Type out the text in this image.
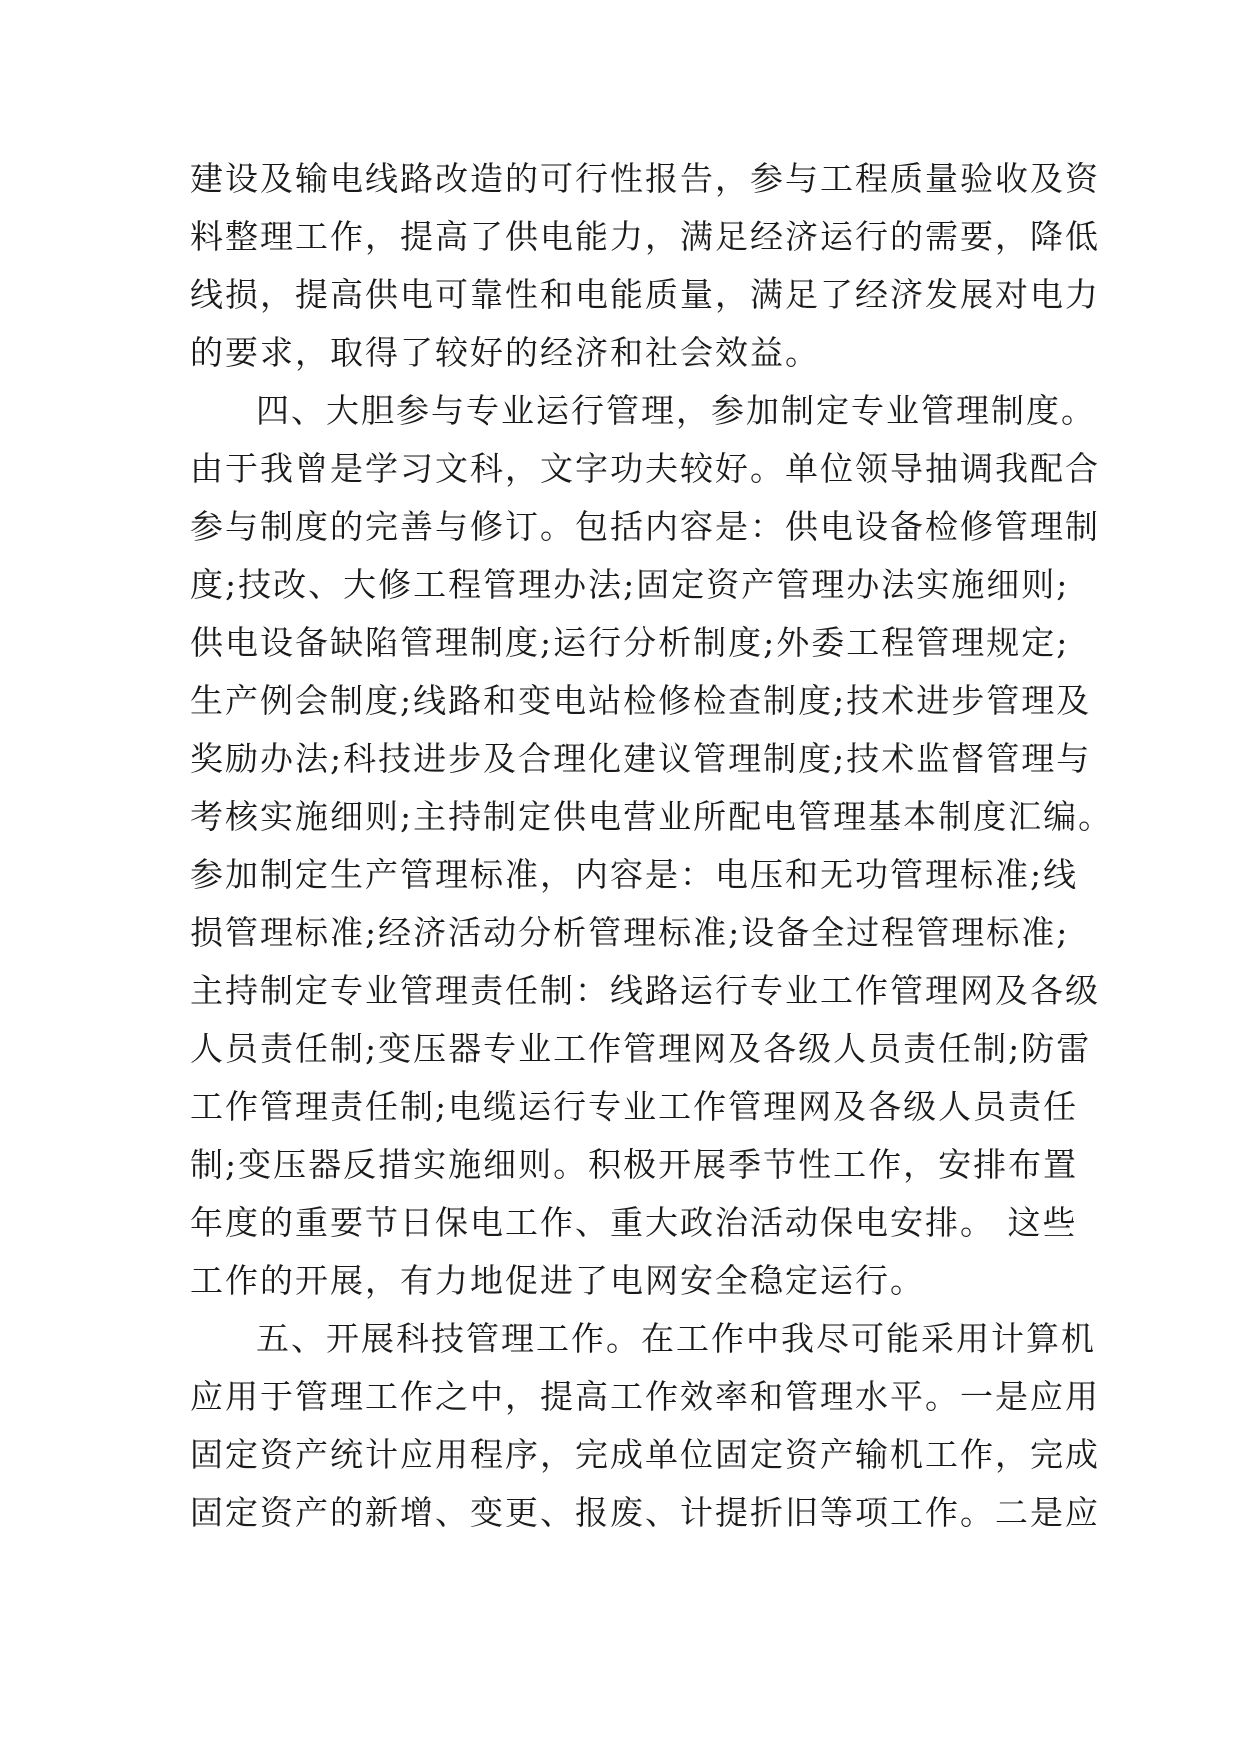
建设及输电线路改造的可行性报告，参与工程质量验收及资
料整理工作，提高了供电能力，满足经济运行的需要，降低
线损，提高供电可靠性和电能质量，满足了经济发展对电力
的要求，取得了较好的经济和社会效益。
四、大胆参与专业运行管理，参加制定专业管理制度。
由于我曾是学习文科，文字功夫较好。单位领导抽调我配合
参与制度的完善与修订。包括内容是：供电设备检修管理制
度;技改、大修工程管理办法;固定资产管理办法实施细则;
供电设备缺陷管理制度;运行分析制度;外委工程管理规定;
生产例会制度;线路和变电站检修检查制度;技术进步管理及
奖励办法;科技进步及合理化建议管理制度;技术监督管理与
考核实施细则;主持制定供电营业所配电管理基本制度汇编。
参加制定生产管理标准，内容是：电压和无功管理标准;线
损管理标准;经济活动分析管理标准;设备全过程管理标准;
主持制定专业管理责任制：线路运行专业工作管理网及各级
人员责任制;变压器专业工作管理网及各级人员责任制;防雷
工作管理责任制;电缆运行专业工作管理网及各级人员责任
制;变压器反措实施细则。积极开展季节性工作，安排布置
年度的重要节日保电工作、重大政治活动保电安排。 这些
工作的开展，有力地促进了电网安全稳定运行。
五、开展科技管理工作。在工作中我尽可能采用计算机
应用于管理工作之中，提高工作效率和管理水平。一是应用
固定资产统计应用程序，完成单位固定资产输机工作，完成
固定资产的新增、变更、报废、计提折旧等项工作。二是应
